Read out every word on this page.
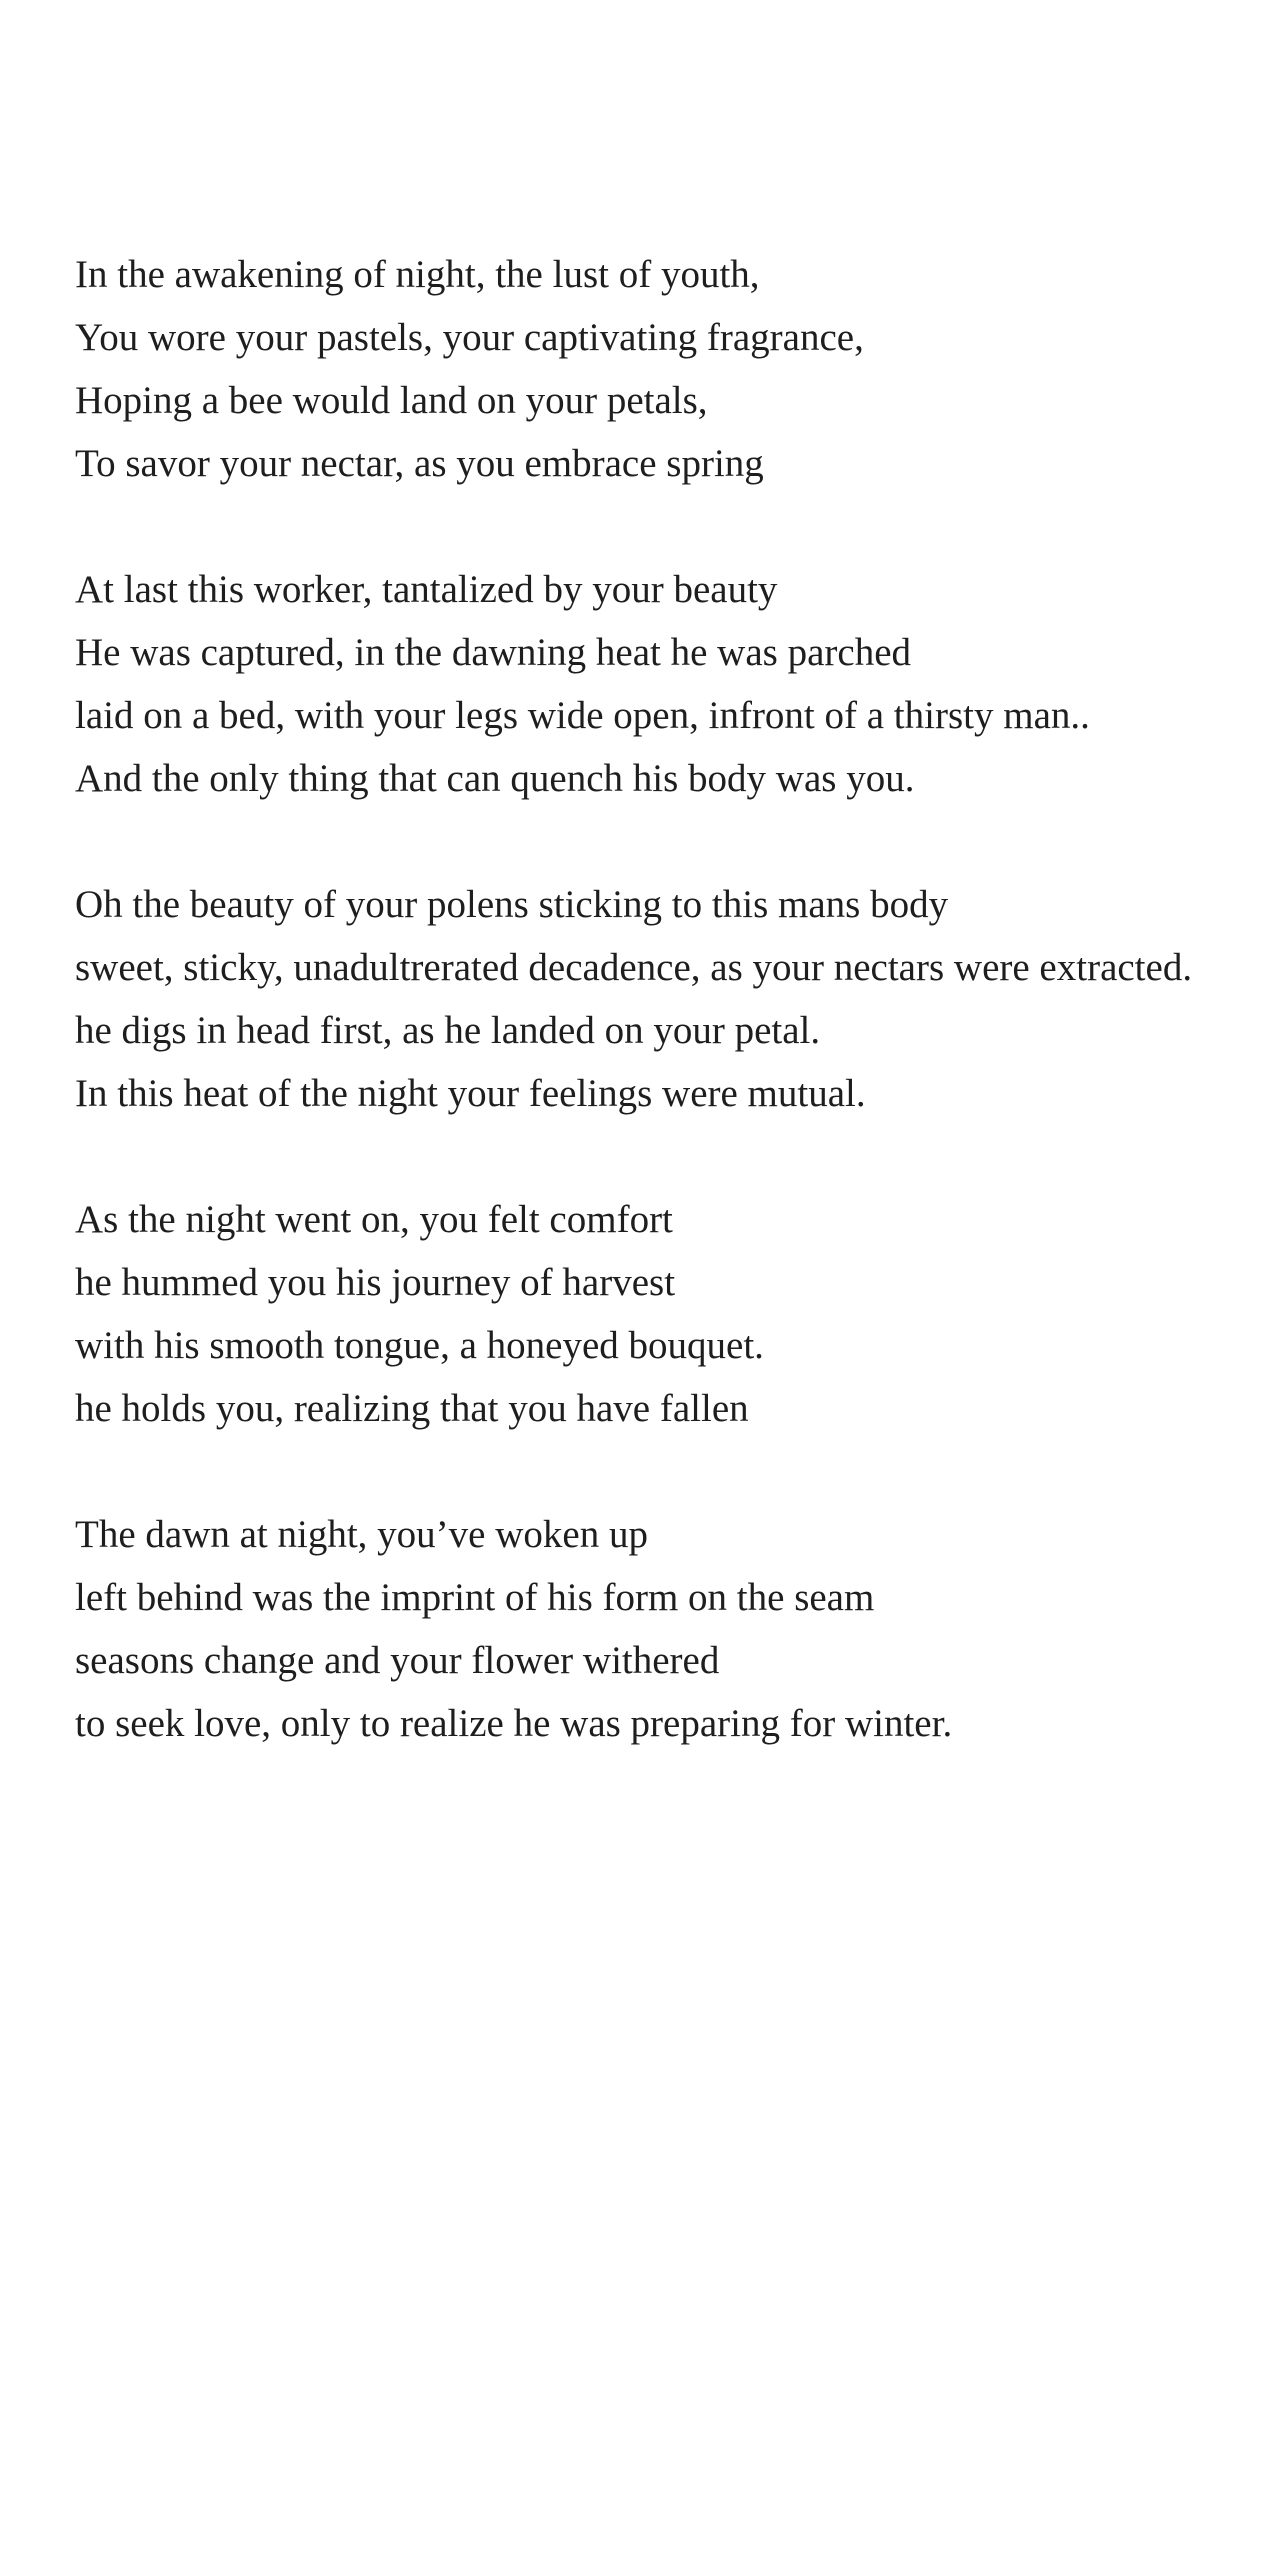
In the awakening of night, the lust of youth,
You wore your pastels, your captivating fragrance,
Hoping a bee would land on your petals,
To savor your nectar, as you embrace spring
At last this worker, tantalized by your beauty
He was captured, in the dawning heat he was parched
laid on a bed, with your legs wide open, infront of a thirsty man..
And the only thing that can quench his body was you.
Oh the beauty of your polens sticking to this mans body
sweet, sticky, unadultrerated decadence, as your nectars were extracted.
he digs in head first, as he landed on your petal.
In this heat of the night your feelings were mutual.
As the night went on, you felt comfort
he hummed you his journey of harvest
with his smooth tongue, a honeyed bouquet.
he holds you, realizing that you have fallen
The dawn at night, you’ve woken up
left behind was the imprint of his form on the seam
seasons change and your flower withered
to seek love, only to realize he was preparing for winter.
